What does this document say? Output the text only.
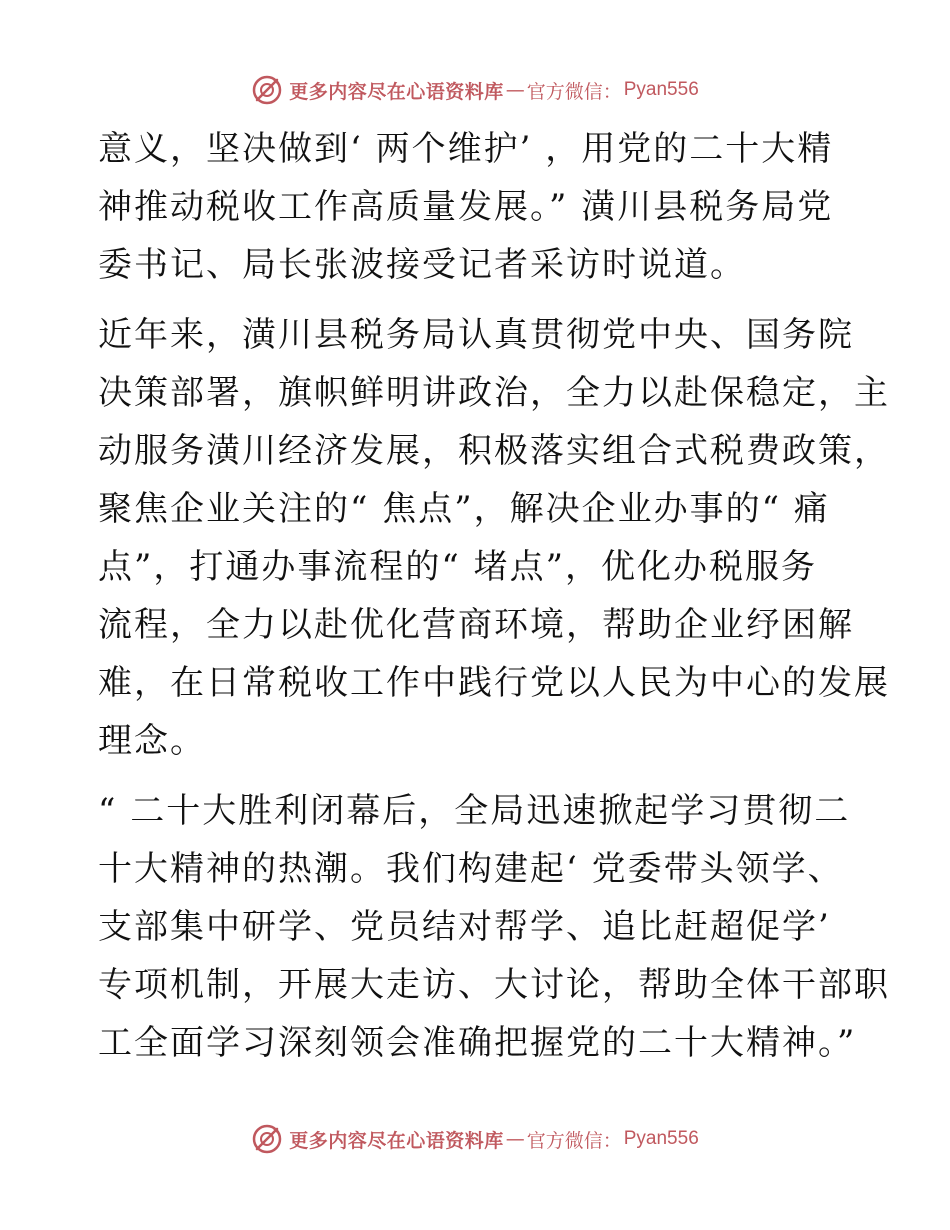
更多内容尽在心语资料库 — 官方微信： Pyan556

意义，坚决做到‘ 两个维护’ ，用党的二十大精
神推动税收工作高质量发展。” 潢川县税务局党
委书记、局长张波接受记者采访时说道。

近年来，潢川县税务局认真贯彻党中央、国务院
决策部署，旗帜鲜明讲政治，全力以赴保稳定，主
动服务潢川经济发展，积极落实组合式税费政策，
聚焦企业关注的“ 焦点”，解决企业办事的“ 痛
点”，打通办事流程的“ 堵点”，优化办税服务
流程，全力以赴优化营商环境，帮助企业纾困解
难，在日常税收工作中践行党以人民为中心的发展
理念。

“ 二十大胜利闭幕后，全局迅速掀起学习贯彻二
十大精神的热潮。我们构建起‘ 党委带头领学、
支部集中研学、党员结对帮学、追比赶超促学’
专项机制，开展大走访、大讨论，帮助全体干部职
工全面学习深刻领会准确把握党的二十大精神。”

更多内容尽在心语资料库 — 官方微信： Pyan556
